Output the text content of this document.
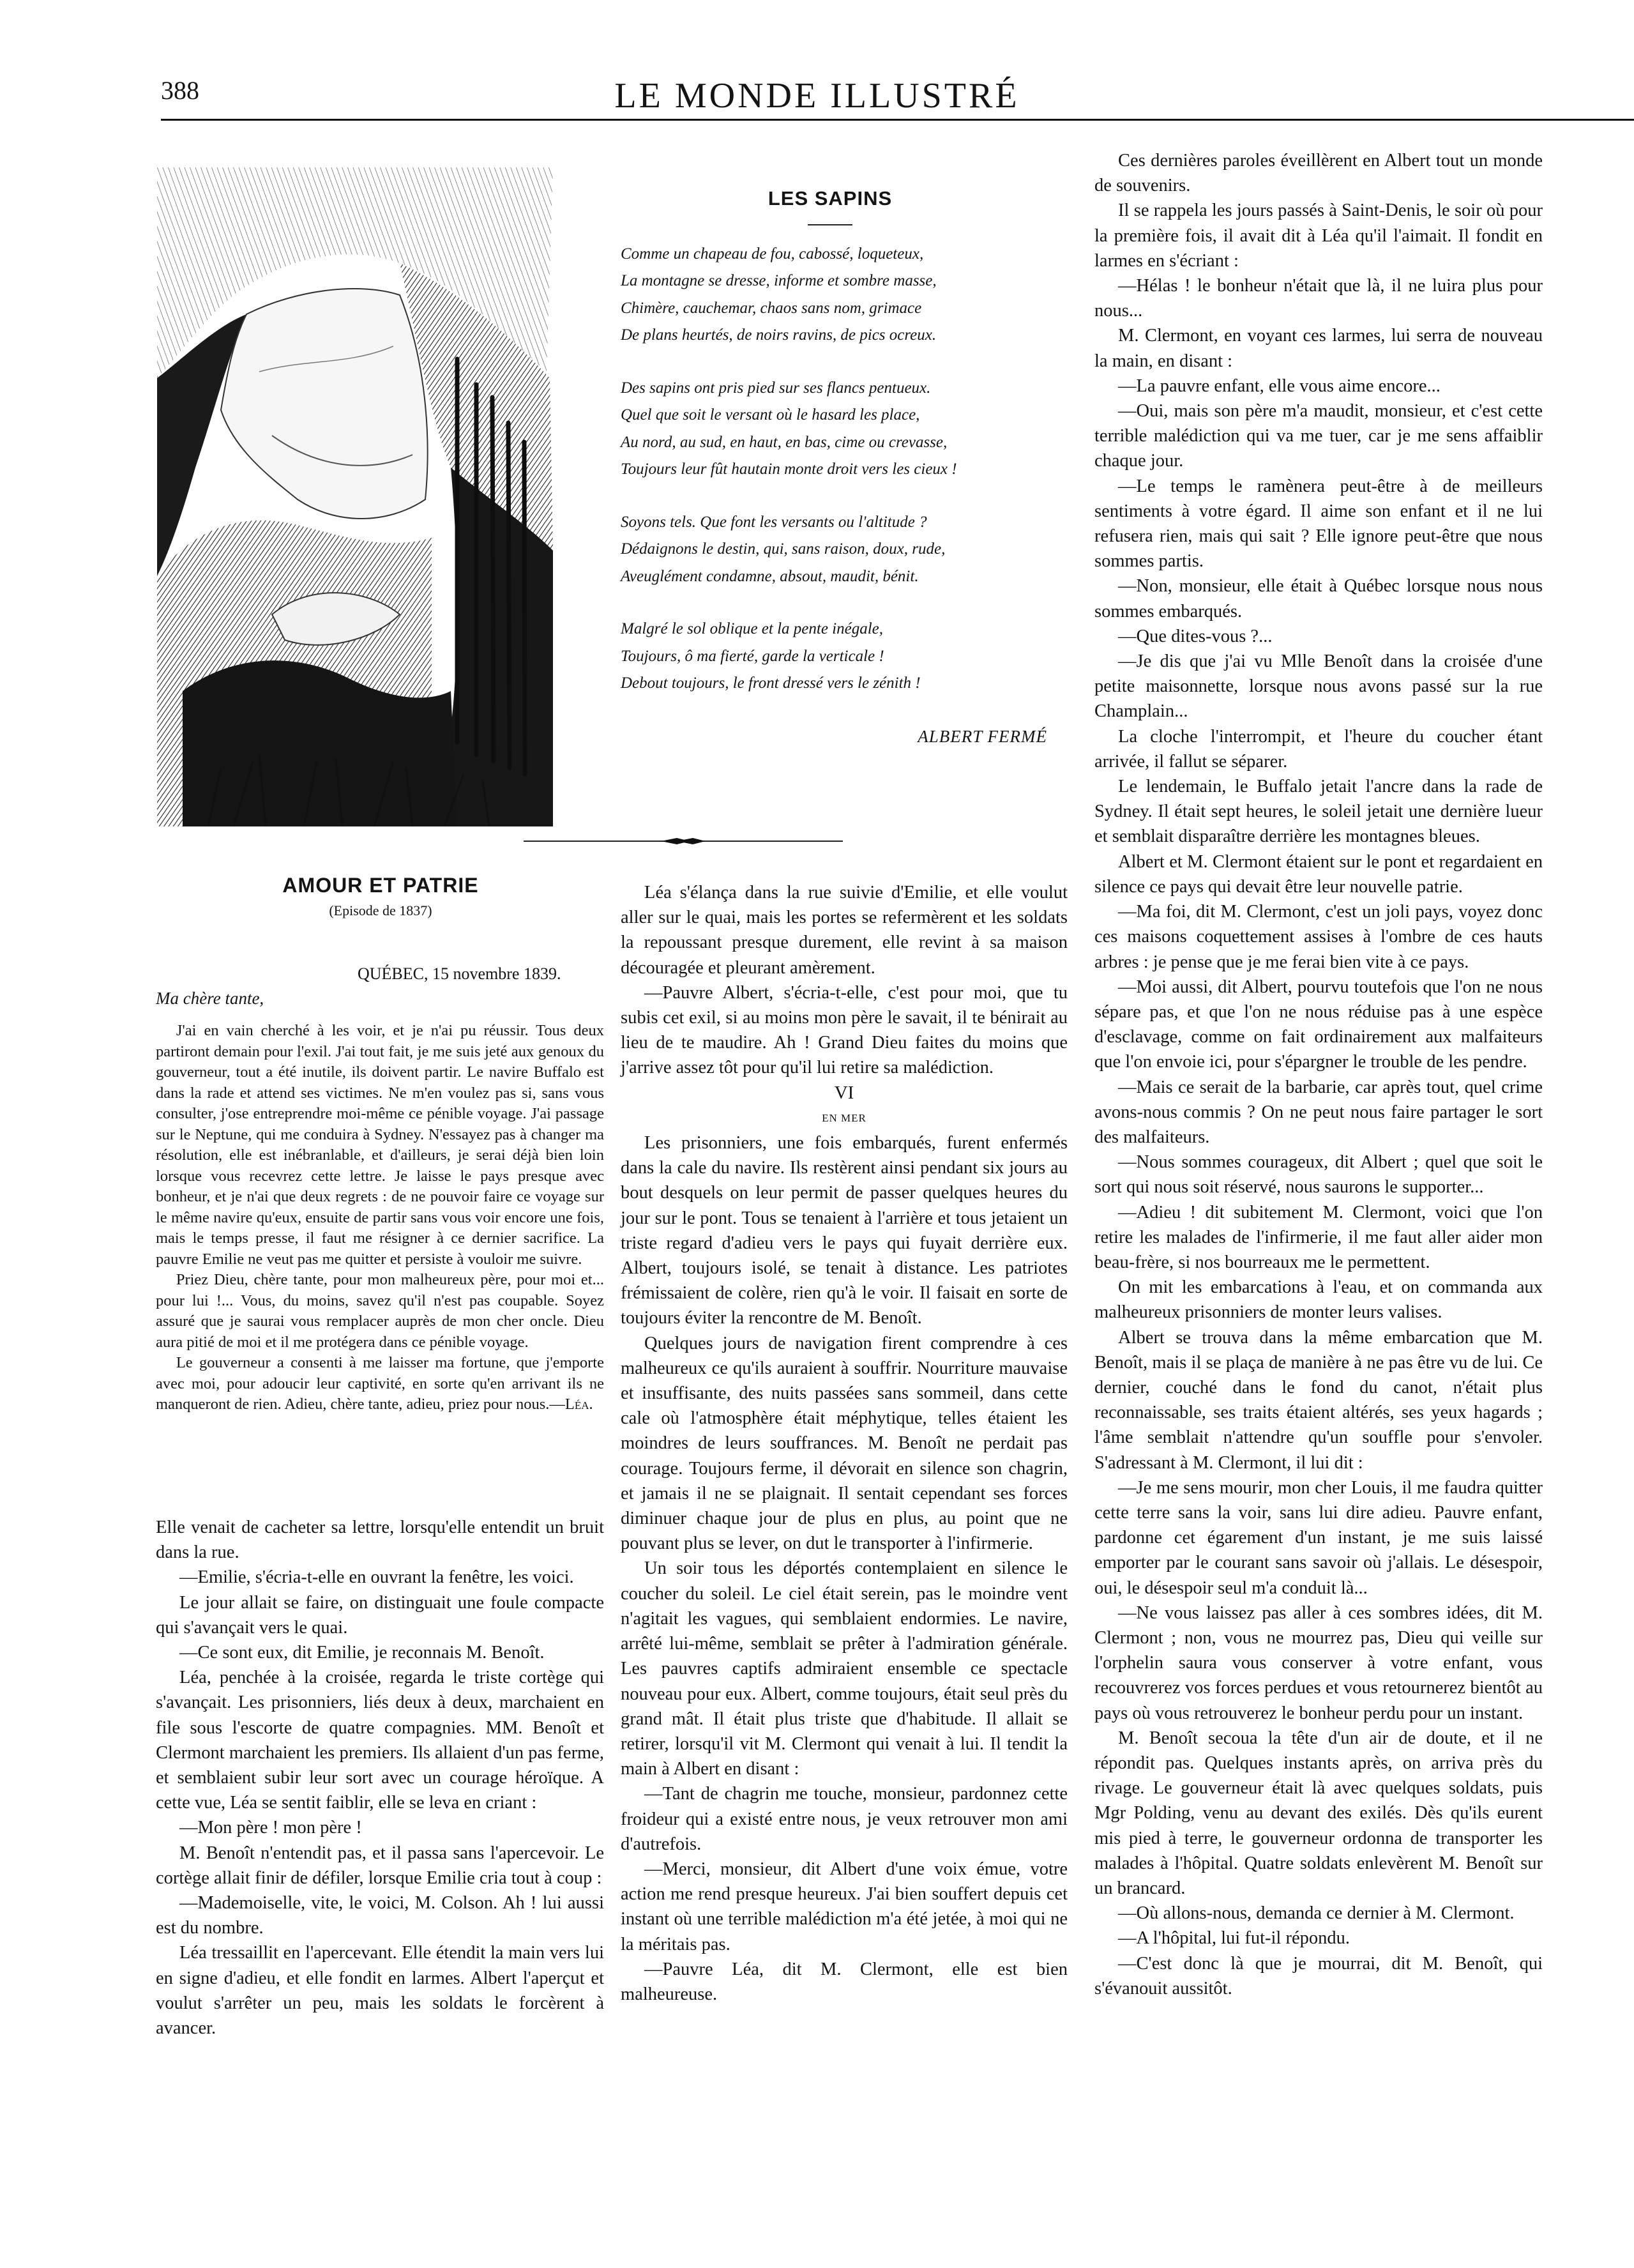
388	LE MONDE ILLUSTRÉ
LES SAPINS
Comme un chapeau de fou, cabossé, loqueteux,
La montagne se dresse, informe et sombre masse,
Chimère, cauchemar, chaos sans nom, grimace
De plans heurtés, de noirs ravins, de pics ocreux.
Des sapins ont pris pied sur ses flancs pentueux.
Quel que soit le versant où le hasard les place,
Au nord, au sud, en haut, en bas, cime ou crevasse,
Toujours leur fût hautain monte droit vers les cieux !
Soyons tels. Que font les versants ou l'altitude ?
Dédaignons le destin, qui, sans raison, doux, rude,
Aveuglément condamne, absout, maudit, bénit.
Malgré le sol oblique et la pente inégale,
Toujours, ô ma fierté, garde la verticale !
Debout toujours, le front dressé vers le zénith !
ALBERT FERMÉ
AMOUR ET PATRIE
(Episode de 1837)
QUÉBEC, 15 novembre 1839.
Ma chère tante,

J'ai en vain cherché à les voir, et je n'ai pu réussir. Tous deux partiront demain pour l'exil. J'ai tout fait, je me suis jeté aux genoux du gouverneur, tout a été inutile, ils doivent partir. Le navire Buffalo est dans la rade et attend ses victimes. Ne m'en voulez pas si, sans vous consulter, j'ose entreprendre moi-même ce pénible voyage. J'ai passage sur le Neptune, qui me conduira à Sydney. N'essayez pas à changer ma résolution, elle est inébranlable, et d'ailleurs, je serai déjà bien loin lorsque vous recevrez cette lettre. Je laisse le pays presque avec bonheur, et je n'ai que deux regrets : de ne pouvoir faire ce voyage sur le même navire qu'eux, ensuite de partir sans vous voir encore une fois, mais le temps presse, il faut me résigner à ce dernier sacrifice. La pauvre Emilie ne veut pas me quitter et persiste à vouloir me suivre.

Priez Dieu, chère tante, pour mon malheureux père, pour moi et... pour lui !... Vous, du moins, savez qu'il n'est pas coupable. Soyez assuré que je saurai vous remplacer auprès de mon cher oncle. Dieu aura pitié de moi et il me protégera dans ce pénible voyage.

Le gouverneur a consenti à me laisser ma fortune, que j'emporte avec moi, pour adoucir leur captivité, en sorte qu'en arrivant ils ne manqueront de rien. Adieu, chère tante, adieu, priez pour nous.—Léa.

Elle venait de cacheter sa lettre, lorsqu'elle entendit un bruit dans la rue.

—Emilie, s'écria-t-elle en ouvrant la fenêtre, les voici.

Le jour allait se faire, on distinguait une foule compacte qui s'avançait vers le quai.

—Ce sont eux, dit Emilie, je reconnais M. Benoît.

Léa, penchée à la croisée, regarda le triste cortège qui s'avançait. Les prisonniers, liés deux à deux, marchaient en file sous l'escorte de quatre compagnies. MM. Benoît et Clermont marchaient les premiers. Ils allaient d'un pas ferme, et semblaient subir leur sort avec un courage héroïque. A cette vue, Léa se sentit faiblir, elle se leva en criant :

—Mon père ! mon père !

M. Benoît n'entendit pas, et il passa sans l'apercevoir. Le cortège allait finir de défiler, lorsque Emilie cria tout à coup :

—Mademoiselle, vite, le voici, M. Colson. Ah ! lui aussi est du nombre.

Léa tressaillit en l'apercevant. Elle étendit la main vers lui en signe d'adieu, et elle fondit en larmes. Albert l'aperçut et voulut s'arrêter un peu, mais les soldats le forcèrent à avancer.

Léa s'élança dans la rue suivie d'Emilie, et elle voulut aller sur le quai, mais les portes se refermèrent et les soldats la repoussant presque durement, elle revint à sa maison découragée et pleurant amèrement.

—Pauvre Albert, s'écria-t-elle, c'est pour moi, que tu subis cet exil, si au moins mon père le savait, il te bénirait au lieu de te maudire. Ah ! Grand Dieu faites du moins que j'arrive assez tôt pour qu'il lui retire sa malédiction.

VI

EN MER

Les prisonniers, une fois embarqués, furent enfermés dans la cale du navire. Ils restèrent ainsi pendant six jours au bout desquels on leur permit de passer quelques heures du jour sur le pont. Tous se tenaient à l'arrière et tous jetaient un triste regard d'adieu vers le pays qui fuyait derrière eux. Albert, toujours isolé, se tenait à distance. Les patriotes frémissaient de colère, rien qu'à le voir. Il faisait en sorte de toujours éviter la rencontre de M. Benoît.

Quelques jours de navigation firent comprendre à ces malheureux ce qu'ils auraient à souffrir. Nourriture mauvaise et insuffisante, des nuits passées sans sommeil, dans cette cale où l'atmosphère était méphytique, telles étaient les moindres de leurs souffrances. M. Benoît ne perdait pas courage. Toujours ferme, il dévorait en silence son chagrin, et jamais il ne se plaignait. Il sentait cependant ses forces diminuer chaque jour de plus en plus, au point que ne pouvant plus se lever, on dut le transporter à l'infirmerie.

Un soir tous les déportés contemplaient en silence le coucher du soleil. Le ciel était serein, pas le moindre vent n'agitait les vagues, qui semblaient endormies. Le navire, arrêté lui-même, semblait se prêter à l'admiration générale. Les pauvres captifs admiraient ensemble ce spectacle nouveau pour eux. Albert, comme toujours, était seul près du grand mât. Il était plus triste que d'habitude. Il allait se retirer, lorsqu'il vit M. Clermont qui venait à lui. Il tendit la main à Albert en disant :

—Tant de chagrin me touche, monsieur, pardonnez cette froideur qui a existé entre nous, je veux retrouver mon ami d'autrefois.

—Merci, monsieur, dit Albert d'une voix émue, votre action me rend presque heureux. J'ai bien souffert depuis cet instant où une terrible malédiction m'a été jetée, à moi qui ne la méritais pas.

—Pauvre Léa, dit M. Clermont, elle est bien malheureuse.

Ces dernières paroles éveillèrent en Albert tout un monde de souvenirs.

Il se rappela les jours passés à Saint-Denis, le soir où pour la première fois, il avait dit à Léa qu'il l'aimait. Il fondit en larmes en s'écriant :

—Hélas ! le bonheur n'était que là, il ne luira plus pour nous...

M. Clermont, en voyant ces larmes, lui serra de nouveau la main, en disant :

—La pauvre enfant, elle vous aime encore...

—Oui, mais son père m'a maudit, monsieur, et c'est cette terrible malédiction qui va me tuer, car je me sens affaiblir chaque jour.

—Le temps le ramènera peut-être à de meilleurs sentiments à votre égard. Il aime son enfant et il ne lui refusera rien, mais qui sait ? Elle ignore peut-être que nous sommes partis.

—Non, monsieur, elle était à Québec lorsque nous nous sommes embarqués.

—Que dites-vous ?...

—Je dis que j'ai vu Mlle Benoît dans la croisée d'une petite maisonnette, lorsque nous avons passé sur la rue Champlain...

La cloche l'interrompit, et l'heure du coucher étant arrivée, il fallut se séparer.

Le lendemain, le Buffalo jetait l'ancre dans la rade de Sydney. Il était sept heures, le soleil jetait une dernière lueur et semblait disparaître derrière les montagnes bleues.

Albert et M. Clermont étaient sur le pont et regardaient en silence ce pays qui devait être leur nouvelle patrie.

—Ma foi, dit M. Clermont, c'est un joli pays, voyez donc ces maisons coquettement assises à l'ombre de ces hauts arbres : je pense que je me ferai bien vite à ce pays.

—Moi aussi, dit Albert, pourvu toutefois que l'on ne nous sépare pas, et que l'on ne nous réduise pas à une espèce d'esclavage, comme on fait ordinairement aux malfaiteurs que l'on envoie ici, pour s'épargner le trouble de les pendre.

—Mais ce serait de la barbarie, car après tout, quel crime avons-nous commis ? On ne peut nous faire partager le sort des malfaiteurs.

—Nous sommes courageux, dit Albert ; quel que soit le sort qui nous soit réservé, nous saurons le supporter...

—Adieu ! dit subitement M. Clermont, voici que l'on retire les malades de l'infirmerie, il me faut aller aider mon beau-frère, si nos bourreaux me le permettent.

On mit les embarcations à l'eau, et on commanda aux malheureux prisonniers de monter leurs valises.

Albert se trouva dans la même embarcation que M. Benoît, mais il se plaça de manière à ne pas être vu de lui. Ce dernier, couché dans le fond du canot, n'était plus reconnaissable, ses traits étaient altérés, ses yeux hagards ; l'âme semblait n'attendre qu'un souffle pour s'envoler. S'adressant à M. Clermont, il lui dit :

—Je me sens mourir, mon cher Louis, il me faudra quitter cette terre sans la voir, sans lui dire adieu. Pauvre enfant, pardonne cet égarement d'un instant, je me suis laissé emporter par le courant sans savoir où j'allais. Le désespoir, oui, le désespoir seul m'a conduit là...

—Ne vous laissez pas aller à ces sombres idées, dit M. Clermont ; non, vous ne mourrez pas, Dieu qui veille sur l'orphelin saura vous conserver à votre enfant, vous recouvrerez vos forces perdues et vous retournerez bientôt au pays où vous retrouverez le bonheur perdu pour un instant.

M. Benoît secoua la tête d'un air de doute, et il ne répondit pas. Quelques instants après, on arriva près du rivage. Le gouverneur était là avec quelques soldats, puis Mgr Polding, venu au devant des exilés. Dès qu'ils eurent mis pied à terre, le gouverneur ordonna de transporter les malades à l'hôpital. Quatre soldats enlevèrent M. Benoît sur un brancard.

—Où allons-nous, demanda ce dernier à M. Clermont.

—A l'hôpital, lui fut-il répondu.

—C'est donc là que je mourrai, dit M. Benoît, qui s'évanouit aussitôt.
